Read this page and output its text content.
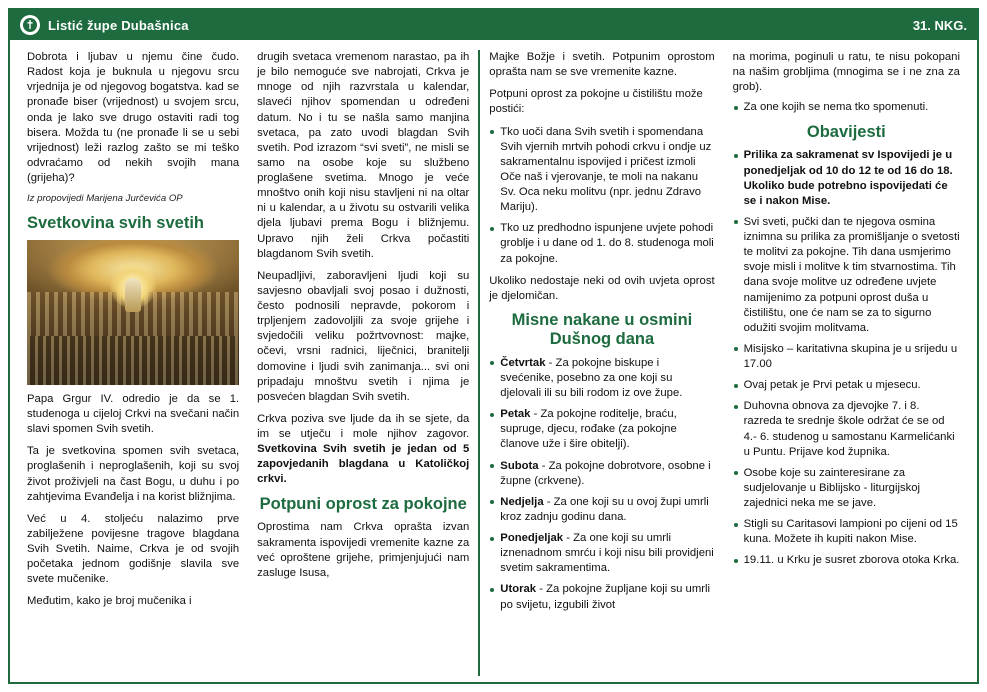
Listić župe Dubašnica	31. NKG.

Dobrota i ljubav u njemu čine čudo. Radost koja je buknula u njegovu srcu vrjednija je od njegovog bogatstva. kad se pronađe biser (vrijednost) u svojem srcu, onda je lako sve drugo ostaviti radi tog bisera. Možda tu (ne pronađe li se u sebi vrijednost) leži razlog zašto se mi teško odvraćamo od nekih svojih mana (grijeha)?

Iz propovijedi Marijena Jurčevića OP

Svetkovina svih svetih

Papa Grgur IV. odredio je da se 1. studenoga u cijeloj Crkvi na svečani način slavi spomen Svih svetih.

Ta je svetkovina spomen svih svetaca, proglašenih i neproglašenih, koji su svoj život proživjeli na čast Bogu, u duhu i po zahtjevima Evanđelja i na korist bližnjima.

Već u 4. stoljeću nalazimo prve zabilježene povijesne tragove blagdana Svih Svetih. Naime, Crkva je od svojih početaka jednom godišnje slavila sve svete mučenike.

Međutim, kako je broj mučenika i

drugih svetaca vremenom narastao, pa ih je bilo nemoguće sve nabrojati, Crkva je mnoge od njih razvrstala u kalendar, slaveći njihov spomendan u određeni datum. No i tu se našla samo manjina svetaca, pa zato uvodi blagdan Svih svetih. Pod izrazom “svi sveti”, ne misli se samo na osobe koje su službeno proglašene svetima. Mnogo je veće mnoštvo onih koji nisu stavljeni ni na oltar ni u kalendar, a u životu su ostvarili velika djela ljubavi prema Bogu i bližnjemu. Upravo njih želi Crkva počastiti blagdanom Svih svetih.

Neupadljivi, zaboravljeni ljudi koji su savjesno obavljali svoj posao i dužnosti, često podnosili nepravde, pokorom i trpljenjem zadovoljili za svoje grijehe i svjedočili veliku požrtvovnost: majke, očevi, vrsni radnici, liječnici, branitelji domovine i ljudi svih zanimanja... svi oni pripadaju mnoštvu svetih i njima je posvećen blagdan Svih svetih.

Crkva poziva sve ljude da ih se sjete, da im se utječu i mole njihov zagovor. Svetkovina Svih svetih je jedan od 5 zapovjedanih blagdana u Katoličkoj crkvi.

Potpuni oprost za pokojne

Oprostima nam Crkva oprašta izvan sakramenta ispovijedi vremenite kazne za već oproštene grijehe, primjenjujući nam zasluge Isusa,

Majke Božje i svetih. Potpunim oprostom oprašta nam se sve vremenite kazne.

Potpuni oprost za pokojne u čistilištu može postići:

Tko uoči dana Svih svetih i spomendana Svih vjernih mrtvih pohodi crkvu i ondje uz sakramentalnu ispovijed i pričest izmoli Oče naš i vjerovanje, te moli na nakanu Sv. Oca neku molitvu (npr. jednu Zdravo Mariju).
Tko uz predhodno ispunjene uvjete pohodi groblje i u dane od 1. do 8. studenoga moli za pokojne.

Ukoliko nedostaje neki od ovih uvjeta oprost je djelomičan.

Misne nakane u osmini Dušnog dana
Četvrtak - Za pokojne biskupe i svećenike, posebno za one koji su djelovali ili su bili rodom iz ove župe.
Petak - Za pokojne roditelje, braću, supruge, djecu, rođake (za pokojne članove uže i šire obitelji).
Subota - Za pokojne dobrotvore, osobne i župne (crkvene).
Nedjelja - Za one koji su u ovoj župi umrli kroz zadnju godinu dana.
Ponedjeljak - Za one koji su umrli iznenadnom smrću i koji nisu bili providjeni svetim sakramentima.
Utorak - Za pokojne župljane koji su umrli po svijetu, izgubili život

na morima, poginuli u ratu, te nisu pokopani na našim grobljima (mnogima se i ne zna za grob).

Za one kojih se nema tko spomenuti.
Obavijesti
Prilika za sakramenat sv Ispovijedi je u ponedjeljak od 10 do 12 te od 16 do 18. Ukoliko bude potrebno ispovijedati će se i nakon Mise.
Svi sveti, pučki dan te njegova osmina iznimna su prilika za promišljanje o svetosti te molitvi za pokojne. Tih dana usmjerimo svoje misli i molitve k tim stvarnostima. Tih dana svoje molitve uz određene uvjete namijenimo za potpuni oprost duša u čistilištu, one će nam se za to sigurno odužiti svojim molitvama.
Misijsko – karitativna skupina je u srijedu u 17.00
Ovaj petak je Prvi petak u mjesecu.
Duhovna obnova za djevojke 7. i 8. razreda te srednje škole održat će se od 4.- 6. studenog u samostanu Karmelićanki u Puntu. Prijave kod župnika.
Osobe koje su zainteresirane za sudjelovanje u Biblijsko - liturgijskoj zajednici neka me se jave.
Stigli su Caritasovi lampioni po cijeni od 15 kuna. Možete ih kupiti nakon Mise.
19.11. u Krku je susret zborova otoka Krka.
